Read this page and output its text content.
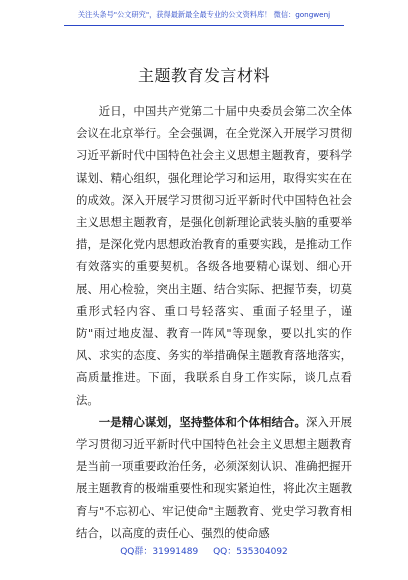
关注头条号"公文研究"，获得最新最全最专业的公文资料库！ 微信：gongwenj
主题教育发言材料

近日，中国共产党第二十届中央委员会第二次全体会议在北京举行。全会强调，在全党深入开展学习贯彻习近平新时代中国特色社会主义思想主题教育，要科学谋划、精心组织，强化理论学习和运用，取得实实在在的成效。深入开展学习贯彻习近平新时代中国特色社会主义思想主题教育，是强化创新理论武装头脑的重要举措，是深化党内思想政治教育的重要实践，是推动工作有效落实的重要契机。各级各地要精心谋划、细心开展、用心检验，突出主题、结合实际、把握节奏，切莫重形式轻内容、重口号轻落实、重面子轻里子，谨防"雨过地皮湿、教育一阵风"等现象，要以扎实的作风、求实的态度、务实的举措确保主题教育落地落实，高质量推进。下面，我联系自身工作实际，谈几点看法。

一是精心谋划，坚持整体和个体相结合。深入开展学习贯彻习近平新时代中国特色社会主义思想主题教育是当前一项重要政治任务，必须深刻认识、准确把握开展主题教育的极端重要性和现实紧迫性，将此次主题教育与"不忘初心、牢记使命"主题教育、党史学习教育相结合，以高度的责任心、强烈的使命感

QQ群：31991489 QQ：535304092
